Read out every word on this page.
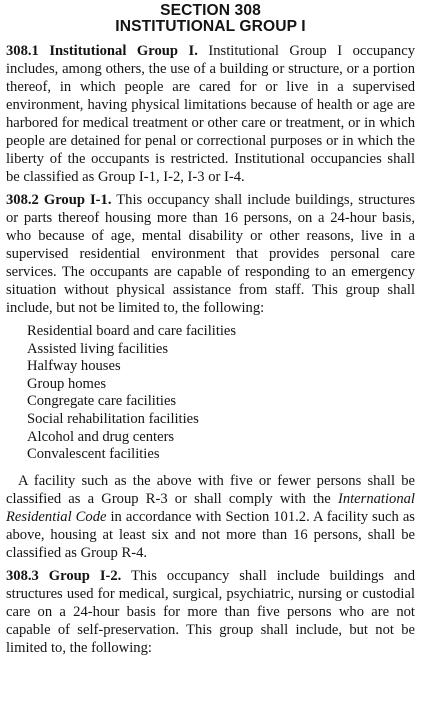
SECTION 308
INSTITUTIONAL GROUP I

308.1 Institutional Group I. Institutional Group I occupancy includes, among others, the use of a building or structure, or a portion thereof, in which people are cared for or live in a supervised environment, having physical limitations because of health or age are harbored for medical treatment or other care or treatment, or in which people are detained for penal or correctional purposes or in which the liberty of the occupants is restricted. Institutional occupancies shall be classified as Group I-1, I-2, I-3 or I-4.

308.2 Group I-1. This occupancy shall include buildings, structures or parts thereof housing more than 16 persons, on a 24-hour basis, who because of age, mental disability or other reasons, live in a supervised residential environment that provides personal care services. The occupants are capable of responding to an emergency situation without physical assistance from staff. This group shall include, but not be limited to, the following:

Residential board and care facilities
Assisted living facilities
Halfway houses
Group homes
Congregate care facilities
Social rehabilitation facilities
Alcohol and drug centers
Convalescent facilities

A facility such as the above with five or fewer persons shall be classified as a Group R-3 or shall comply with the International Residential Code in accordance with Section 101.2. A facility such as above, housing at least six and not more than 16 persons, shall be classified as Group R-4.

308.3 Group I-2. This occupancy shall include buildings and structures used for medical, surgical, psychiatric, nursing or custodial care on a 24-hour basis for more than five persons who are not capable of self-preservation. This group shall include, but not be limited to, the following:
